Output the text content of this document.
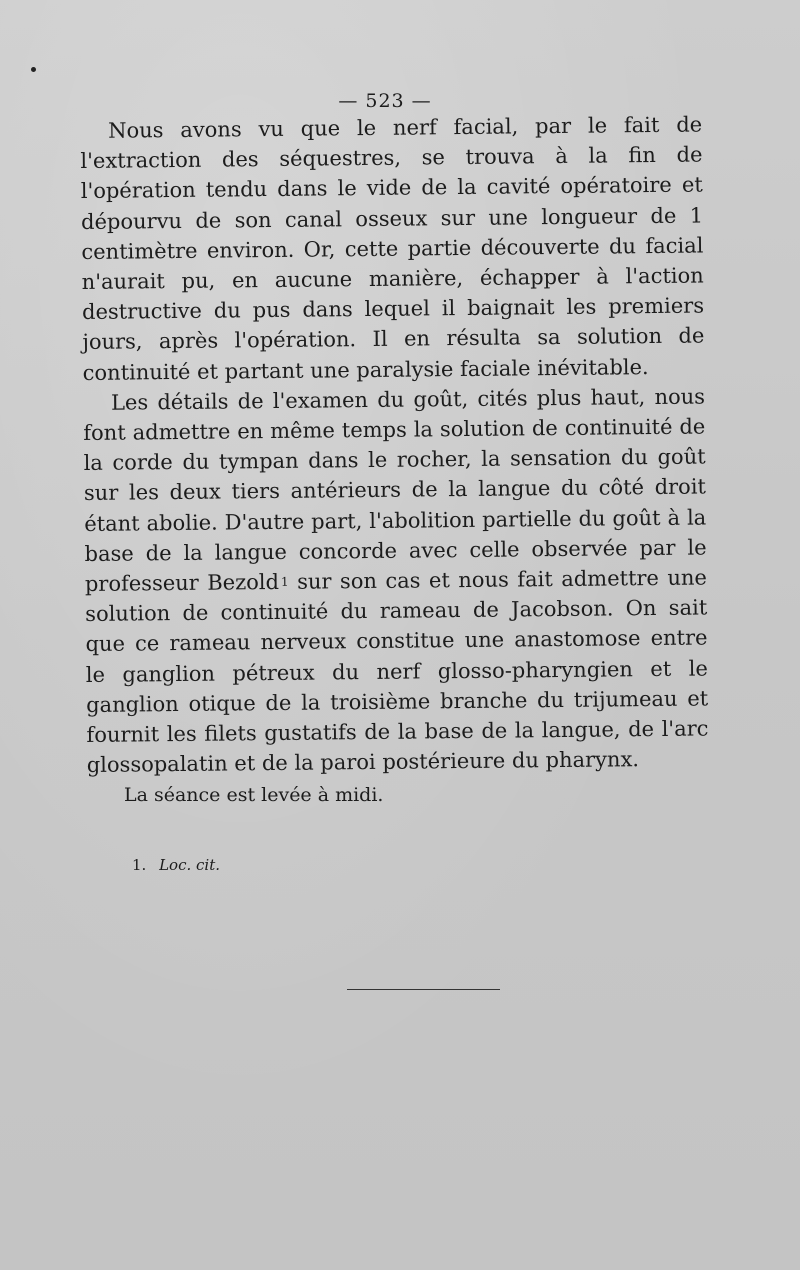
— 523 —

Nous avons vu que le nerf facial, par le fait de l'extraction des séquestres, se trouva à la fin de l'opération tendu dans le vide de la cavité opératoire et dépourvu de son canal osseux sur une longueur de 1 centimètre environ. Or, cette partie découverte du facial n'aurait pu, en aucune manière, échapper à l'action destructive du pus dans lequel il baignait les premiers jours, après l'opération. Il en résulta sa solution de continuité et partant une paralysie faciale inévitable.

Les détails de l'examen du goût, cités plus haut, nous font admettre en même temps la solution de continuité de la corde du tympan dans le rocher, la sensation du goût sur les deux tiers antérieurs de la langue du côté droit étant abolie. D'autre part, l'abolition partielle du goût à la base de la langue concorde avec celle observée par le professeur Bezold $^1$ sur son cas et nous fait admettre une solution de continuité du rameau de Jacobson. On sait que ce rameau nerveux constitue une anastomose entre le ganglion pétreux du nerf glosso-pharyngien et le ganglion otique de la troisième branche du trijumeau et fournit les filets gustatifs de la base de la langue, de l'arc glossopalatin et de la paroi postérieure du pharynx.

La séance est levée à midi.
1. Loc. cit.
